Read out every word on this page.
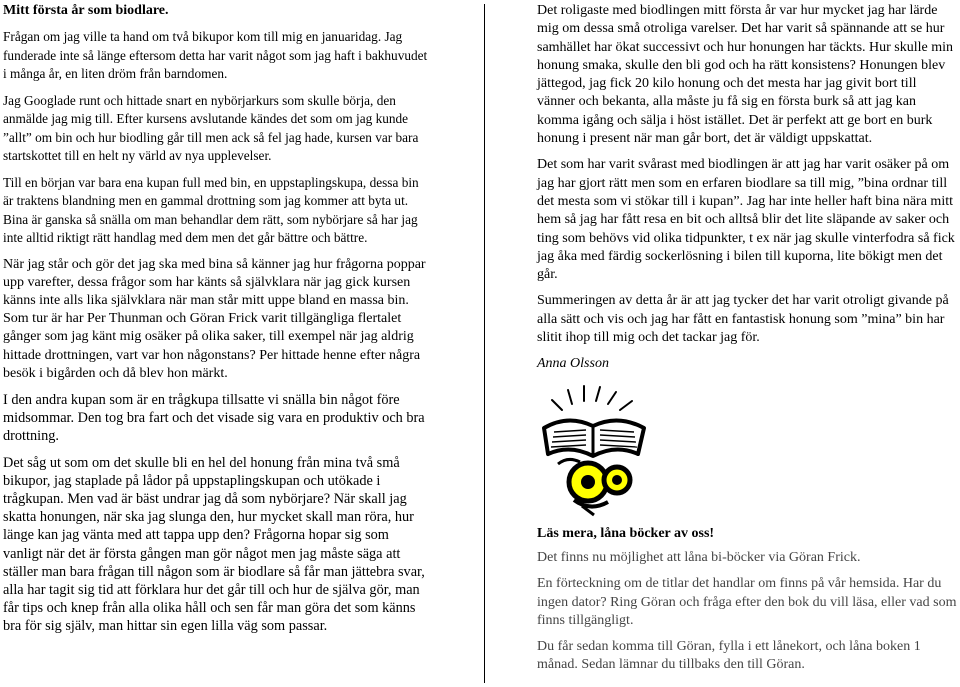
Mitt första år som biodlare.

Frågan om jag ville ta hand om två bikupor kom till mig en januaridag. Jag funderade inte så länge eftersom detta har varit något som jag haft i bakhuvudet i många år, en liten dröm från barndomen.

Jag Googlade runt och hittade snart en nybörjarkurs som skulle börja, den anmälde jag mig till. Efter kursens avslutande kändes det som om jag kunde ”allt” om bin och hur biodling går till men ack så fel jag hade, kursen var bara startskottet till en helt ny värld av nya upplevelser.

Till en början var bara ena kupan full med bin, en uppstaplingskupa, dessa bin är traktens blandning men en gammal drottning som jag kommer att byta ut. Bina är ganska så snälla om man behandlar dem rätt, som nybörjare så har jag inte alltid riktigt rätt handlag med dem men det går bättre och bättre.

När jag står och gör det jag ska med bina så känner jag hur frågorna poppar upp varefter, dessa frågor som har känts så självklara när jag gick kursen känns inte alls lika självklara när man står mitt uppe bland en massa bin. Som tur är har Per Thunman och Göran Frick varit tillgängliga flertalet gånger som jag känt mig osäker på olika saker, till exempel när jag aldrig hittade drottningen, vart var hon någonstans? Per hittade henne efter några besök i bigården och då blev hon märkt.

I den andra kupan som är en trågkupa tillsatte vi snälla bin något före midsommar. Den tog bra fart och det visade sig vara en produktiv och bra drottning.

Det såg ut som om det skulle bli en hel del honung från mina två små bikupor, jag staplade på lådor på uppstaplingskupan och utökade i trågkupan. Men vad är bäst undrar jag då som nybörjare? När skall jag skatta honungen, när ska jag slunga den, hur mycket skall man röra, hur länge kan jag vänta med att tappa upp den? Frågorna hopar sig som vanligt när det är första gången man gör något men jag måste säga att ställer man bara frågan till någon som är biodlare så får man jättebra svar, alla har tagit sig tid att förklara hur det går till och hur de själva gör, man får tips och knep från alla olika håll och sen får man göra det som känns bra för sig själv, man hittar sin egen lilla väg som passar.

Det roligaste med biodlingen mitt första år var hur mycket jag har lärde mig om dessa små otroliga varelser. Det har varit så spännande att se hur samhället har ökat successivt och hur honungen har täckts. Hur skulle min honung smaka, skulle den bli god och ha rätt konsistens? Honungen blev jättegod, jag fick 20 kilo honung och det mesta har jag givit bort till vänner och bekanta, alla måste ju få sig en första burk så att jag kan komma igång och sälja i höst istället. Det är perfekt att ge bort en burk honung i present när man går bort, det är väldigt uppskattat.

Det som har varit svårast med biodlingen är att jag har varit osäker på om jag har gjort rätt men som en erfaren biodlare sa till mig, ”bina ordnar till det mesta som vi stökar till i kupan”. Jag har inte heller haft bina nära mitt hem så jag har fått resa en bit och alltså blir det lite släpande av saker och ting som behövs vid olika tidpunkter, t ex när jag skulle vinterfodra så fick jag åka med färdig sockerlösning i bilen till kuporna, lite bökigt men det går.

Summeringen av detta år är att jag tycker det har varit otroligt givande på alla sätt och vis och jag har fått en fantastisk honung som ”mina” bin har slitit ihop till mig och det tackar jag för.

Anna Olsson

Läs mera, låna böcker av oss!

Det finns nu möjlighet att låna bi-böcker via Göran Frick.

En förteckning om de titlar det handlar om finns på vår hemsida. Har du ingen dator? Ring Göran och fråga efter den bok du vill läsa, eller vad som finns tillgängligt.

Du får sedan komma till Göran, fylla i ett lånekort, och låna boken 1 månad. Sedan lämnar du tillbaks den till Göran.
